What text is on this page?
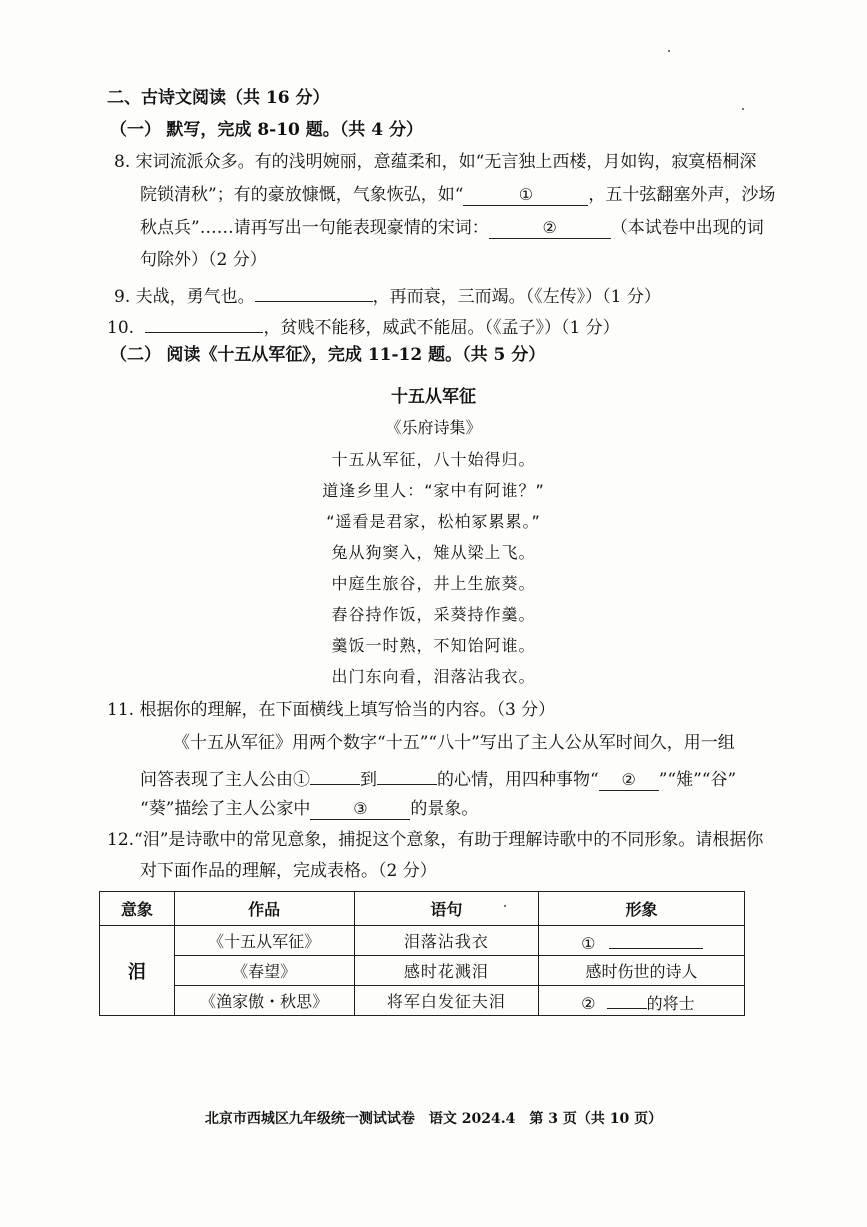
二、古诗文阅读（共 16 分）
（一） 默写，完成 8-10 题。（共 4 分）
8. 宋词流派众多。有的浅明婉丽，意蕴柔和，如“无言独上西楼，月如钩，寂寞梧桐深
院锁清秋”；有的豪放慷慨，气象恢弘，如“	①	，五十弦翻塞外声，沙场
秋点兵”……请再写出一句能表现豪情的宋词：	②	（本试卷中出现的词
句除外）（2 分）
9. 夫战，勇气也。	，再而衰，三而竭。（《左传》）（1 分）
10.	，贫贱不能移，威武不能屈。（《孟子》）（1 分）
（二） 阅读《十五从军征》，完成 11-12 题。（共 5 分）
十五从军征
《乐府诗集》
十五从军征，八十始得归。
道逢乡里人：“家中有阿谁？”
“遥看是君家，松柏冢累累。”
兔从狗窦入，雉从梁上飞。
中庭生旅谷，井上生旅葵。
舂谷持作饭，采葵持作羹。
羹饭一时熟，不知饴阿谁。
出门东向看，泪落沾我衣。
11. 根据你的理解，在下面横线上填写恰当的内容。（3 分）
《十五从军征》用两个数字“十五”“八十”写出了主人公从军时间久，用一组
问答表现了主人公由①	到	的心情，用四种事物“ ② ”“雉”“谷”
“葵”描绘了主人公家中	③	的景象。
12.“泪”是诗歌中的常见意象，捕捉这个意象，有助于理解诗歌中的不同形象。请根据你
对下面作品的理解，完成表格。（2 分）
意象	作品	语句	形象
泪	《十五从军征》	泪落沾我衣	①
	《春望》	感时花溅泪	感时伤世的诗人
	《渔家傲・秋思》	将军白发征夫泪	② 的将士
北京市西城区九年级统一测试试卷　语文 2024.4　第 3 页（共 10 页）
